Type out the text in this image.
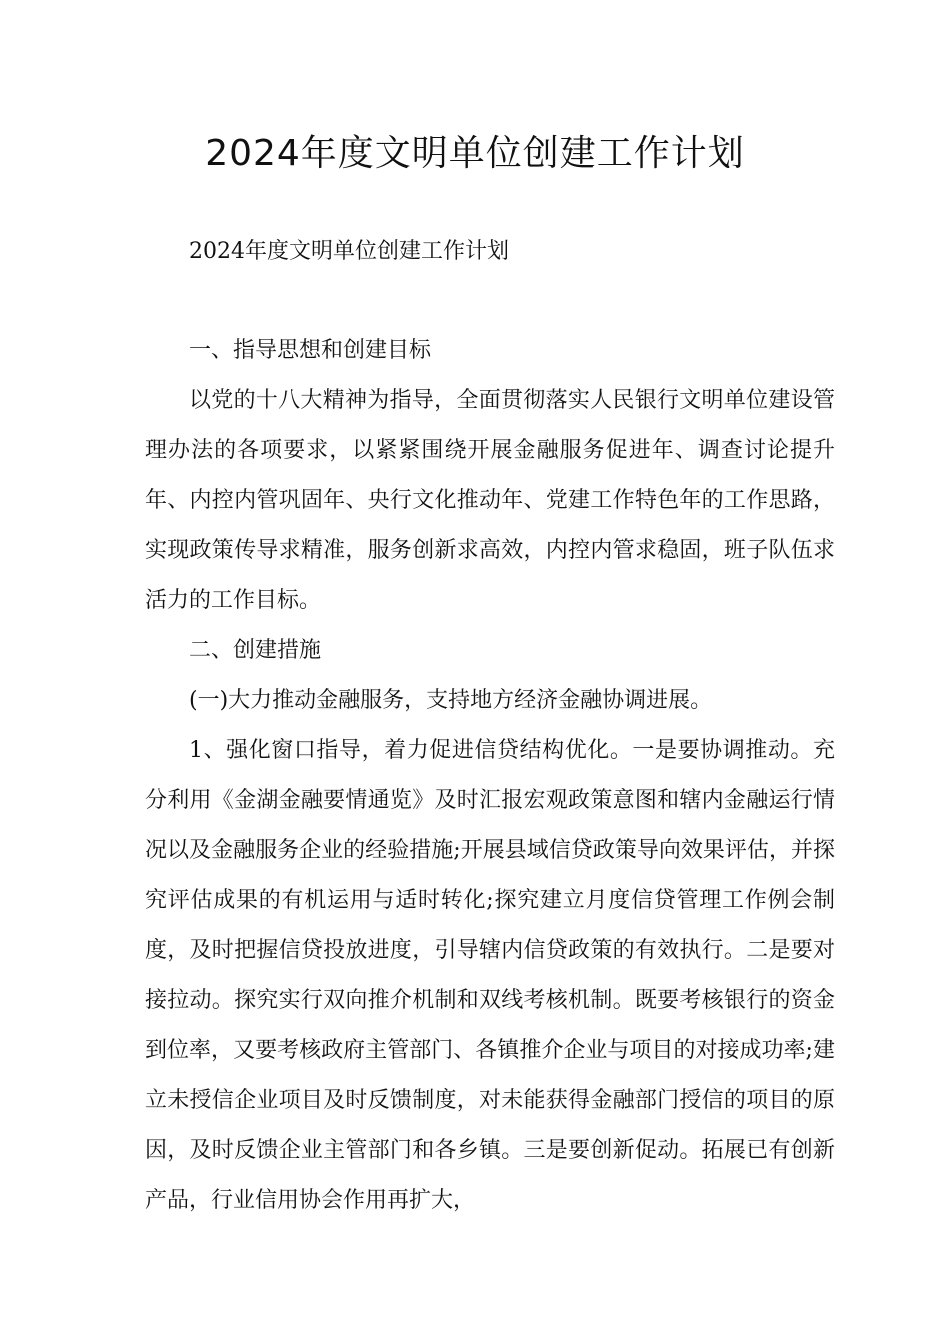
2024年度文明单位创建工作计划

2024年度文明单位创建工作计划

一、指导思想和创建目标

以党的十八大精神为指导，全面贯彻落实人民银行文明单位建设管理办法的各项要求，以紧紧围绕开展金融服务促进年、调查讨论提升年、内控内管巩固年、央行文化推动年、党建工作特色年的工作思路，实现政策传导求精准，服务创新求高效，内控内管求稳固，班子队伍求活力的工作目标。

二、创建措施

(一)大力推动金融服务，支持地方经济金融协调进展。

1、强化窗口指导，着力促进信贷结构优化。一是要协调推动。充分利用《金湖金融要情通览》及时汇报宏观政策意图和辖内金融运行情况以及金融服务企业的经验措施;开展县域信贷政策导向效果评估，并探究评估成果的有机运用与适时转化;探究建立月度信贷管理工作例会制度，及时把握信贷投放进度，引导辖内信贷政策的有效执行。二是要对接拉动。探究实行双向推介机制和双线考核机制。既要考核银行的资金到位率，又要考核政府主管部门、各镇推介企业与项目的对接成功率;建立未授信企业项目及时反馈制度，对未能获得金融部门授信的项目的原因，及时反馈企业主管部门和各乡镇。三是要创新促动。拓展已有创新产品，行业信用协会作用再扩大，
